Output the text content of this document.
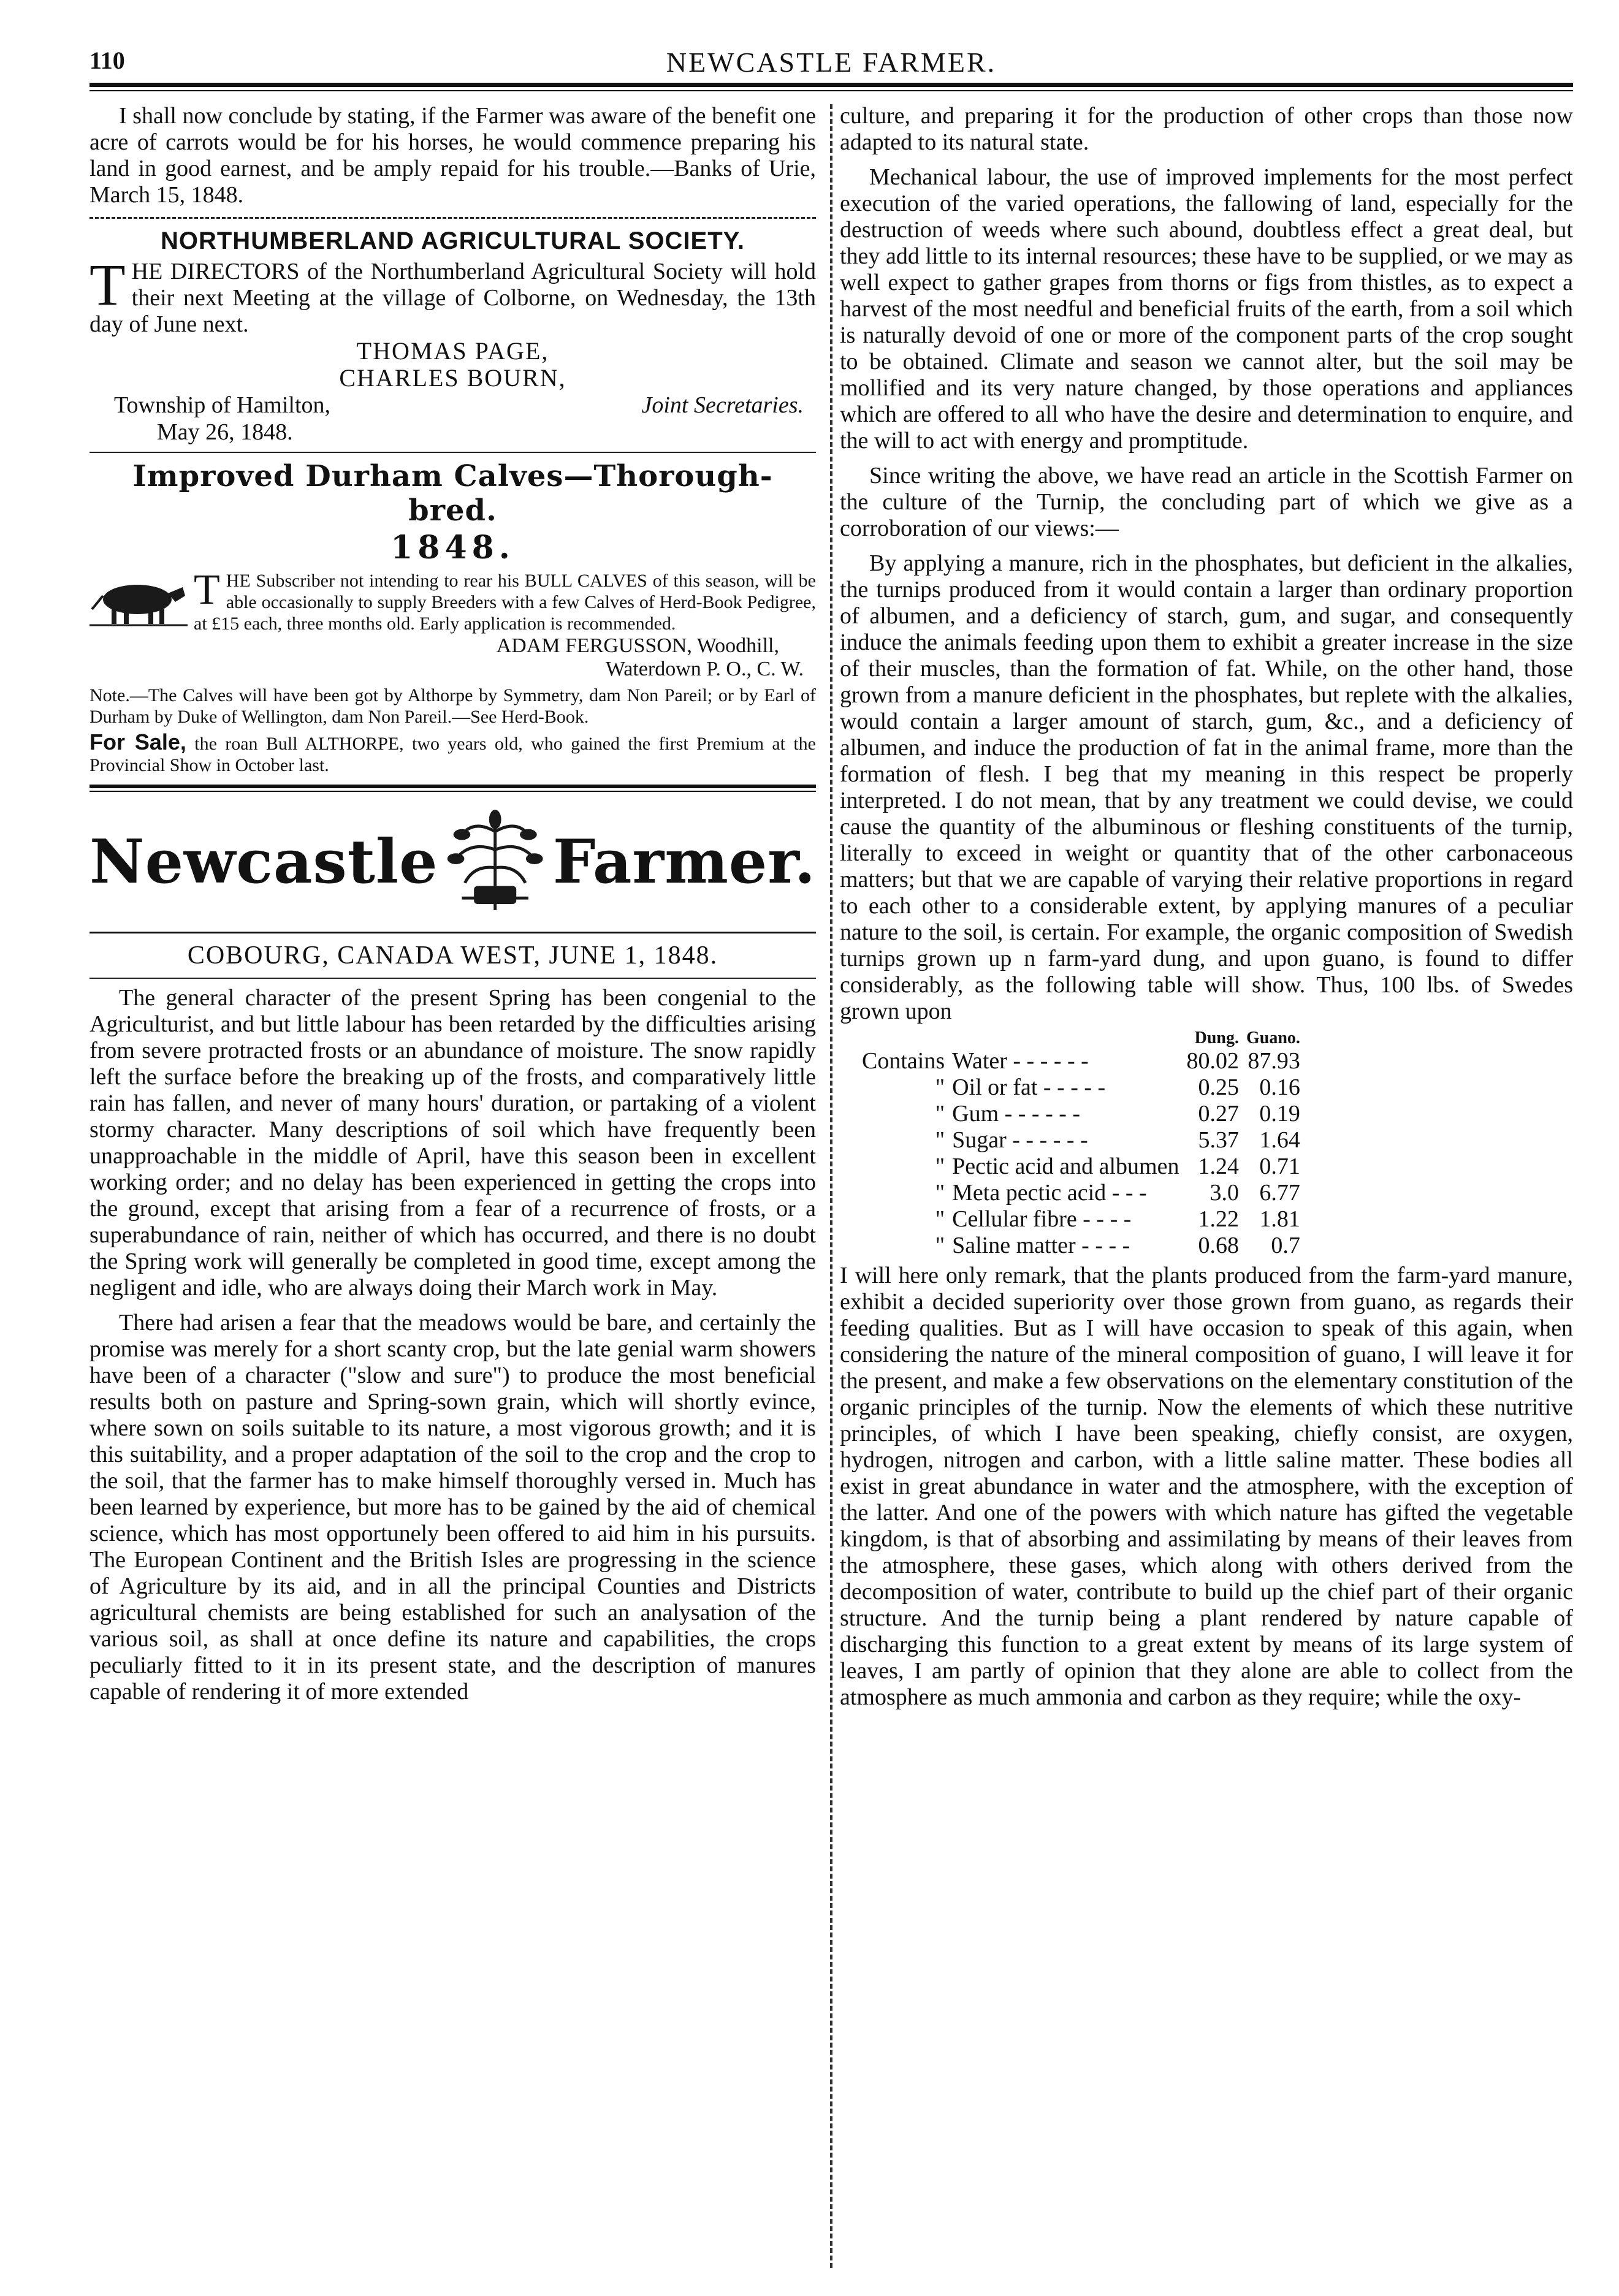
110	NEWCASTLE FARMER.

I shall now conclude by stating, if the Farmer was aware of the benefit one acre of carrots would be for his horses, he would commence preparing his land in good earnest, and be amply repaid for his trouble.—Banks of Urie, March 15, 1848.

NORTHUMBERLAND AGRICULTURAL SOCIETY.

THE DIRECTORS of the Northumberland Agricultural Society will hold their next Meeting at the village of Colborne, on Wednesday, the 13th day of June next.

THOMAS PAGE,
CHARLES BOURN,
Township of Hamilton,	Joint Secretaries.
May 26, 1848.
Improved Durham Calves—Thorough-bred.
1848.

THE Subscriber not intending to rear his BULL CALVES of this season, will be able occasionally to supply Breeders with a few Calves of Herd-Book Pedigree, at £15 each, three months old. Early application is recommended.

ADAM FERGUSSON, Woodhill,
Waterdown P. O., C. W.

Note.—The Calves will have been got by Althorpe by Symmetry, dam Non Pareil; or by Earl of Durham by Duke of Wellington, dam Non Pareil.—See Herd-Book.

For Sale, the roan Bull ALTHORPE, two years old, who gained the first Premium at the Provincial Show in October last.

Newcastle Farmer.
COBOURG, CANADA WEST, JUNE 1, 1848.

The general character of the present Spring has been congenial to the Agriculturist, and but little labour has been retarded by the difficulties arising from severe protracted frosts or an abundance of moisture. The snow rapidly left the surface before the breaking up of the frosts, and comparatively little rain has fallen, and never of many hours' duration, or partaking of a violent stormy character. Many descriptions of soil which have frequently been unapproachable in the middle of April, have this season been in excellent working order; and no delay has been experienced in getting the crops into the ground, except that arising from a fear of a recurrence of frosts, or a superabundance of rain, neither of which has occurred, and there is no doubt the Spring work will generally be completed in good time, except among the negligent and idle, who are always doing their March work in May.

There had arisen a fear that the meadows would be bare, and certainly the promise was merely for a short scanty crop, but the late genial warm showers have been of a character ("slow and sure") to produce the most beneficial results both on pasture and Spring-sown grain, which will shortly evince, where sown on soils suitable to its nature, a most vigorous growth; and it is this suitability, and a proper adaptation of the soil to the crop and the crop to the soil, that the farmer has to make himself thoroughly versed in. Much has been learned by experience, but more has to be gained by the aid of chemical science, which has most opportunely been offered to aid him in his pursuits. The European Continent and the British Isles are progressing in the science of Agriculture by its aid, and in all the principal Counties and Districts agricultural chemists are being established for such an analysation of the various soil, as shall at once define its nature and capabilities, the crops peculiarly fitted to it in its present state, and the description of manures capable of rendering it of more extended

culture, and preparing it for the production of other crops than those now adapted to its natural state.

Mechanical labour, the use of improved implements for the most perfect execution of the varied operations, the fallowing of land, especially for the destruction of weeds where such abound, doubtless effect a great deal, but they add little to its internal resources; these have to be supplied, or we may as well expect to gather grapes from thorns or figs from thistles, as to expect a harvest of the most needful and beneficial fruits of the earth, from a soil which is naturally devoid of one or more of the component parts of the crop sought to be obtained. Climate and season we cannot alter, but the soil may be mollified and its very nature changed, by those operations and appliances which are offered to all who have the desire and determination to enquire, and the will to act with energy and promptitude.

Since writing the above, we have read an article in the Scottish Farmer on the culture of the Turnip, the concluding part of which we give as a corroboration of our views:—

By applying a manure, rich in the phosphates, but deficient in the alkalies, the turnips produced from it would contain a larger than ordinary proportion of albumen, and a deficiency of starch, gum, and sugar, and consequently induce the animals feeding upon them to exhibit a greater increase in the size of their muscles, than the formation of fat. While, on the other hand, those grown from a manure deficient in the phosphates, but replete with the alkalies, would contain a larger amount of starch, gum, &c., and a deficiency of albumen, and induce the production of fat in the animal frame, more than the formation of flesh. I beg that my meaning in this respect be properly interpreted. I do not mean, that by any treatment we could devise, we could cause the quantity of the albuminous or fleshing constituents of the turnip, literally to exceed in weight or quantity that of the other carbonaceous matters; but that we are capable of varying their relative proportions in regard to each other to a considerable extent, by applying manures of a peculiar nature to the soil, is certain. For example, the organic composition of Swedish turnips grown up n farm-yard dung, and upon guano, is found to differ considerably, as the following table will show. Thus, 100 lbs. of Swedes grown upon

		Dung.	Guano.
Contains	Water - - - - - -	80.02	87.93
"	Oil or fat - - - - -	0.25	0.16
"	Gum - - - - - -	0.27	0.19
"	Sugar - - - - - -	5.37	1.64
"	Pectic acid and albumen	1.24	0.71
"	Meta pectic acid - - -	3.0	6.77
"	Cellular fibre - - - -	1.22	1.81
"	Saline matter - - - -	0.68	0.7

I will here only remark, that the plants produced from the farm-yard manure, exhibit a decided superiority over those grown from guano, as regards their feeding qualities. But as I will have occasion to speak of this again, when considering the nature of the mineral composition of guano, I will leave it for the present, and make a few observations on the elementary constitution of the organic principles of the turnip. Now the elements of which these nutritive principles, of which I have been speaking, chiefly consist, are oxygen, hydrogen, nitrogen and carbon, with a little saline matter. These bodies all exist in great abundance in water and the atmosphere, with the exception of the latter. And one of the powers with which nature has gifted the vegetable kingdom, is that of absorbing and assimilating by means of their leaves from the atmosphere, these gases, which along with others derived from the decomposition of water, contribute to build up the chief part of their organic structure. And the turnip being a plant rendered by nature capable of discharging this function to a great extent by means of its large system of leaves, I am partly of opinion that they alone are able to collect from the atmosphere as much ammonia and carbon as they require; while the oxy-
